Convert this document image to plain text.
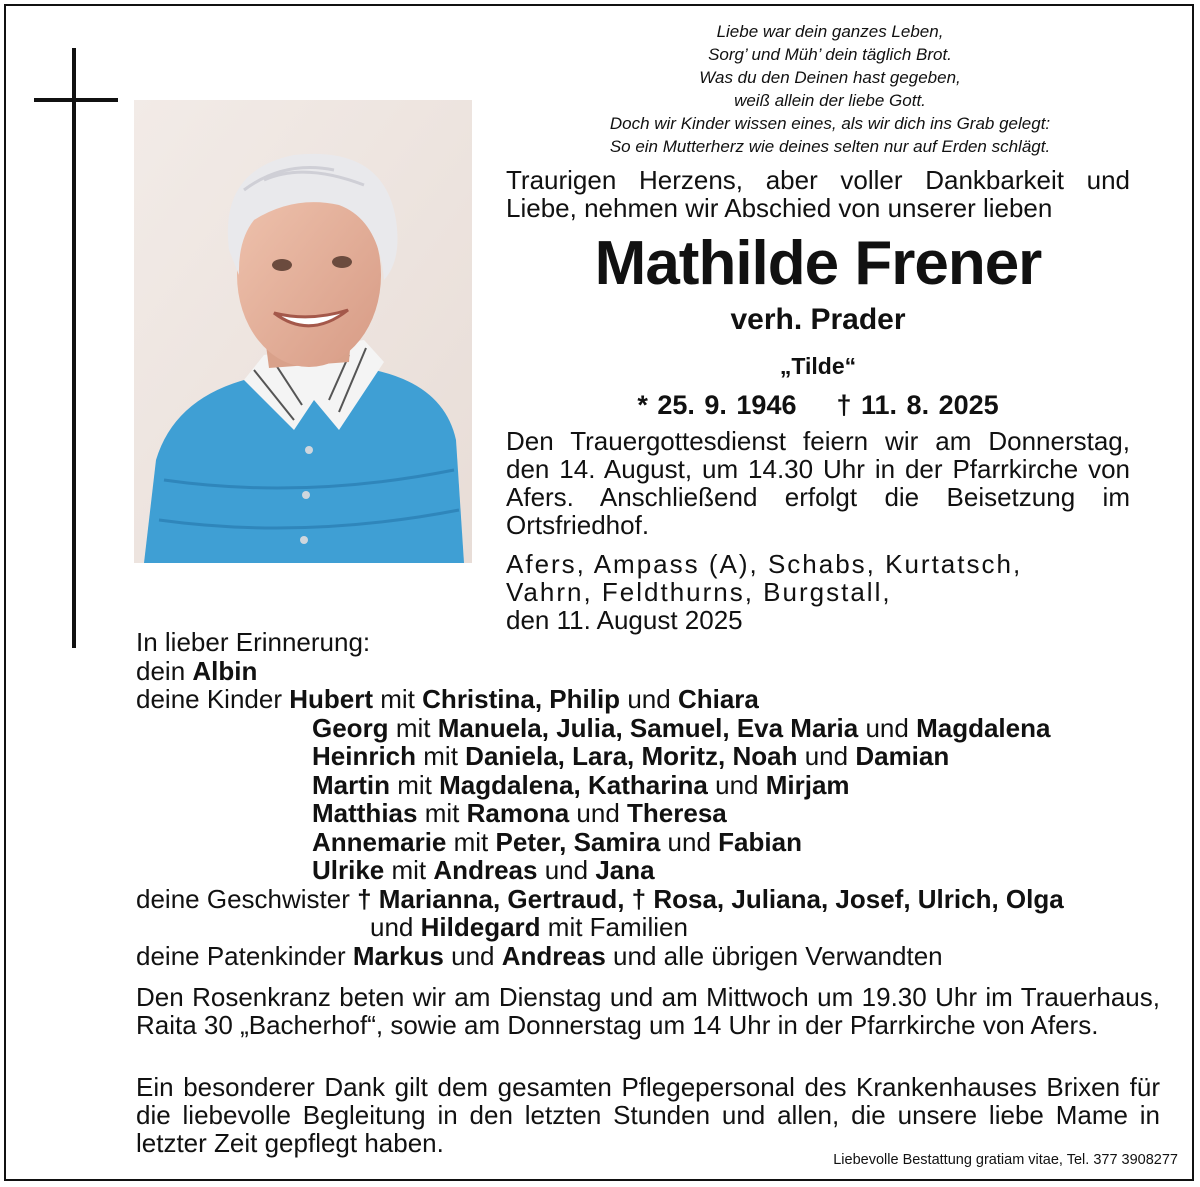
Liebe war dein ganzes Leben,
Sorg’ und Müh’ dein täglich Brot.
Was du den Deinen hast gegeben,
weiß allein der liebe Gott.
Doch wir Kinder wissen eines, als wir dich ins Grab gelegt:
So ein Mutterherz wie deines selten nur auf Erden schlägt.
Traurigen Herzens, aber voller Dankbarkeit und
Liebe, nehmen wir Abschied von unserer lieben
Mathilde Frener
verh. Prader
„Tilde“
* 25. 9. 1946 † 11. 8. 2025
Den Trauergottesdienst feiern wir am Donnerstag, den 14. August, um 14.30 Uhr in der Pfarrkirche von Afers. Anschließend erfolgt die Beisetzung im Ortsfriedhof.
Afers, Ampass (A), Schabs, Kurtatsch,
Vahrn, Feldthurns, Burgstall,
den 11. August 2025
In lieber Erinnerung:
dein Albin
deine Kinder Hubert mit Christina, Philip und Chiara
Georg mit Manuela, Julia, Samuel, Eva Maria und Magdalena
Heinrich mit Daniela, Lara, Moritz, Noah und Damian
Martin mit Magdalena, Katharina und Mirjam
Matthias mit Ramona und Theresa
Annemarie mit Peter, Samira und Fabian
Ulrike mit Andreas und Jana
deine Geschwister † Marianna, Gertraud, † Rosa, Juliana, Josef, Ulrich, Olga
und Hildegard mit Familien
deine Patenkinder Markus und Andreas und alle übrigen Verwandten
Den Rosenkranz beten wir am Dienstag und am Mittwoch um 19.30 Uhr im Trauerhaus, Raita 30 „Bacherhof“, sowie am Donnerstag um 14 Uhr in der Pfarrkirche von Afers.
Ein besonderer Dank gilt dem gesamten Pflegepersonal des Krankenhauses Brixen für die liebevolle Begleitung in den letzten Stunden und allen, die unsere liebe Mame in letzter Zeit gepflegt haben.
Liebevolle Bestattung gratiam vitae, Tel. 377 3908277
